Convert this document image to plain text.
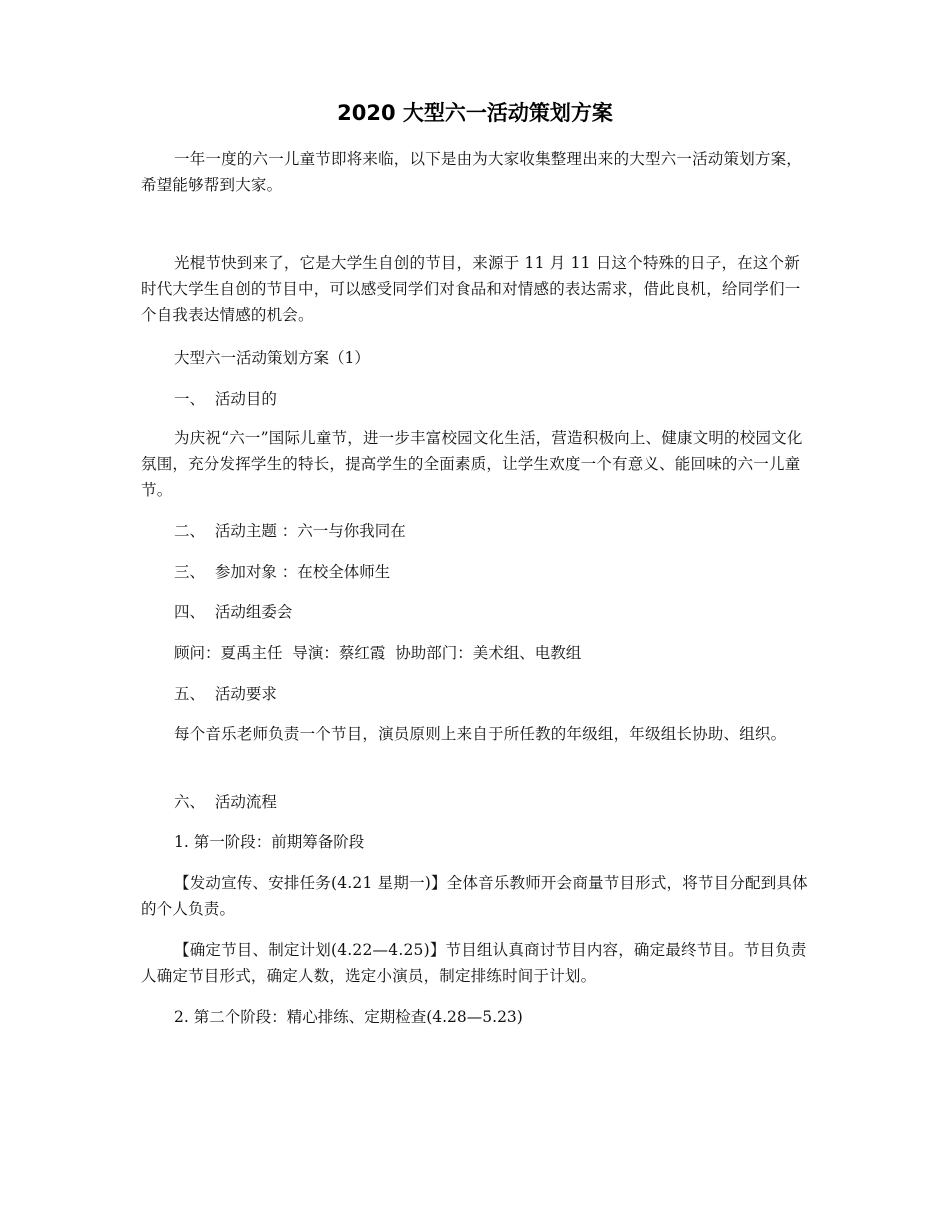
2020 大型六一活动策划方案

一年一度的六一儿童节即将来临，以下是由为大家收集整理出来的大型六一活动策划方案，希望能够帮到大家。

光棍节快到来了，它是大学生自创的节目，来源于 11 月 11 日这个特殊的日子，在这个新时代大学生自创的节目中，可以感受同学们对食品和对情感的表达需求，借此良机，给同学们一个自我表达情感的机会。

大型六一活动策划方案（1）

一、  活动目的

为庆祝“六一”国际儿童节，进一步丰富校园文化生活，营造积极向上、健康文明的校园文化氛围，充分发挥学生的特长，提高学生的全面素质，让学生欢度一个有意义、能回味的六一儿童节。

二、  活动主题 ：六一与你我同在

三、  参加对象 ：在校全体师生

四、  活动组委会

顾问：夏禹主任  导演：蔡红霞  协助部门：美术组、电教组

五、  活动要求

每个音乐老师负责一个节目，演员原则上来自于所任教的年级组，年级组长协助、组织。

六、  活动流程

1. 第一阶段：前期筹备阶段

【发动宣传、安排任务(4.21 星期一)】全体音乐教师开会商量节目形式，将节目分配到具体的个人负责。

【确定节目、制定计划(4.22—4.25)】节目组认真商讨节目内容，确定最终节目。节目负责人确定节目形式，确定人数，选定小演员，制定排练时间于计划。

2. 第二个阶段：精心排练、定期检查(4.28—5.23)
